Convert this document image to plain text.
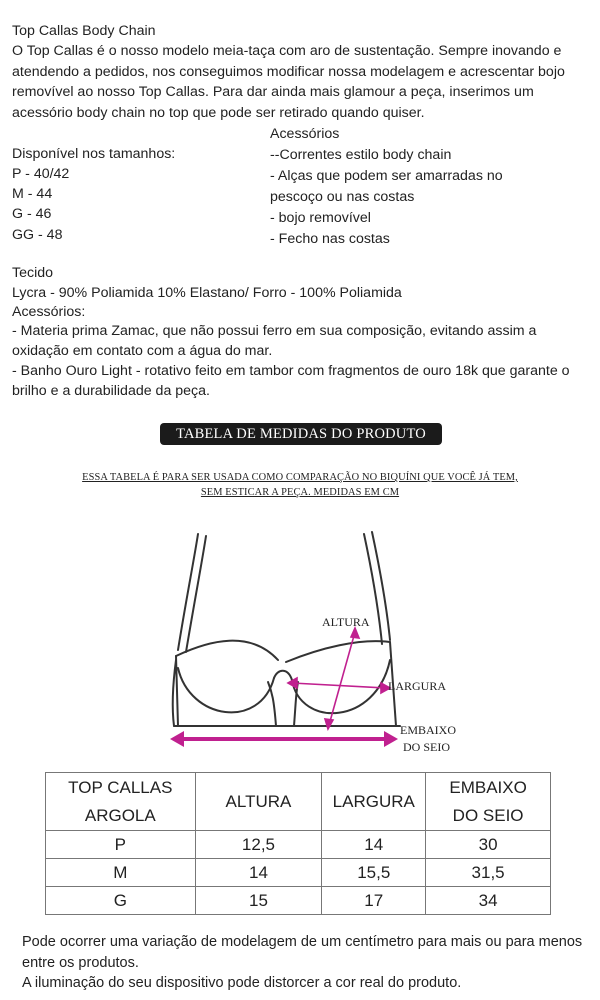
Top Callas Body Chain
O Top Callas é o nosso modelo meia-taça com aro de sustentação. Sempre inovando e atendendo a pedidos, nos conseguimos modificar nossa modelagem e acrescentar bojo removível ao nosso Top Callas. Para dar ainda mais glamour a peça, inserimos um acessório body chain no top que pode ser retirado quando quiser.
Disponível nos tamanhos:
P - 40/42
M - 44
G - 46
GG - 48
Acessórios
--Correntes estilo body chain
- Alças que podem ser amarradas no
pescoço ou nas costas
- bojo removível
- Fecho nas costas
Tecido
Lycra - 90% Poliamida 10% Elastano/ Forro - 100% Poliamida
Acessórios:
- Materia prima Zamac, que não possui ferro em sua composição, evitando assim a
oxidação em contato com a água do mar.
- Banho Ouro Light - rotativo feito em tambor com fragmentos de ouro 18k que garante o
brilho e a durabilidade da peça.
TABELA DE MEDIDAS DO PRODUTO
ESSA TABELA É PARA SER USADA COMO COMPARAÇÃO NO BIQUÍNI QUE VOCÊ JÁ TEM,
SEM ESTICAR A PEÇA. MEDIDAS EM CM
ALTURA
LARGURA
EMBAIXO
DO SEIO
TOP CALLAS
ARGOLA	ALTURA	LARGURA	EMBAIXO
DO SEIO
P	12,5	14	30
M	14	15,5	31,5
G	15	17	34
Pode ocorrer uma variação de modelagem de um centímetro para mais ou para menos entre os produtos.
A iluminação do seu dispositivo pode distorcer a cor real do produto.
